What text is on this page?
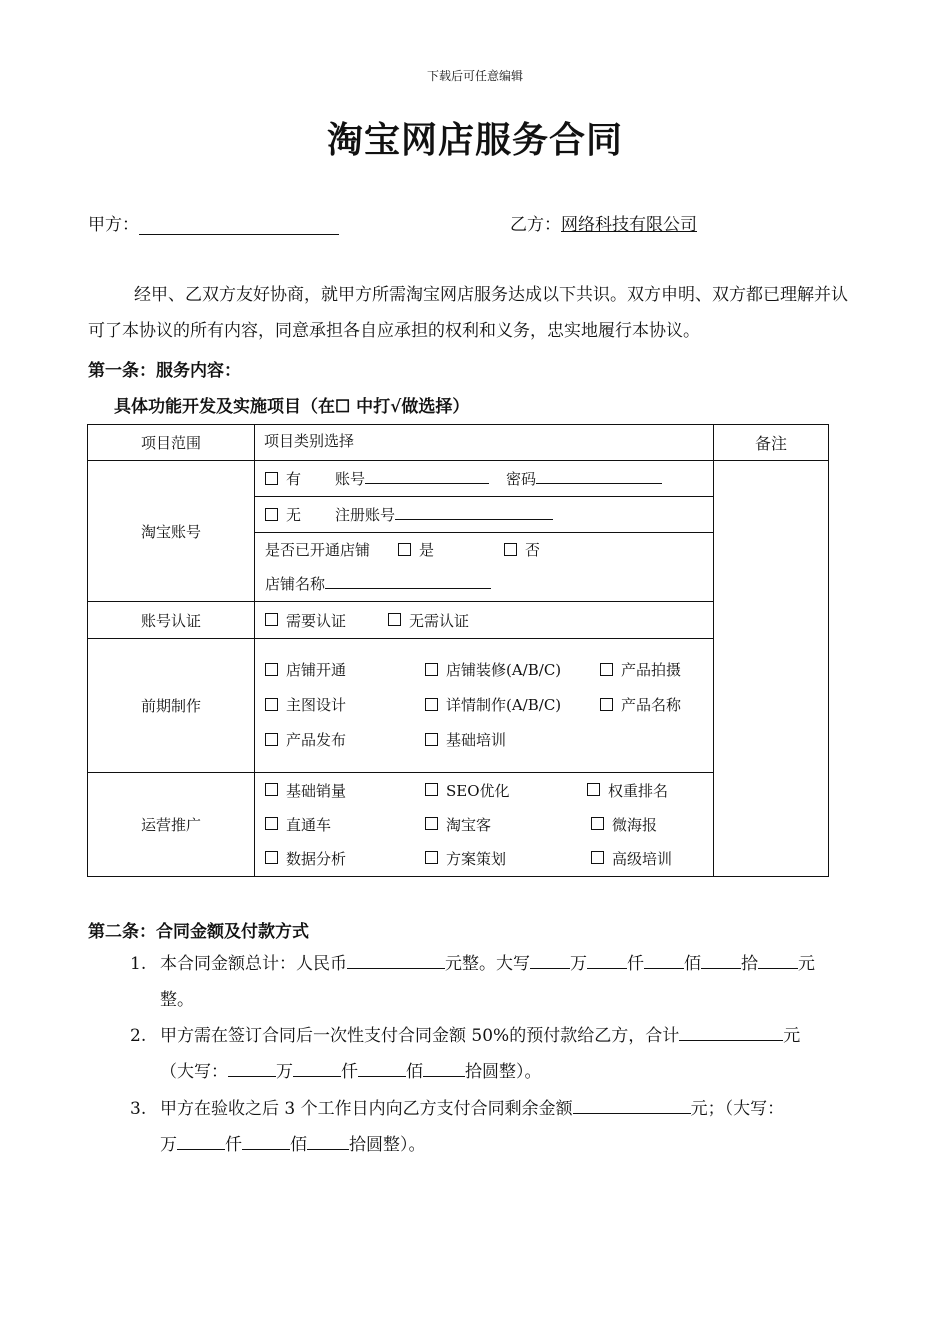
下载后可任意编辑
淘宝网店服务合同
甲方：	乙方：网络科技有限公司
经甲、乙双方友好协商，就甲方所需淘宝网店服务达成以下共识。双方申明、双方都已理解并认可了本协议的所有内容，同意承担各自应承担的权利和义务，忠实地履行本协议。
第一条：服务内容：
具体功能开发及实施项目（在☐ 中打√做选择）
项目范围	项目类别选择	备注
淘宝账号	有 账号 密码	
	无 注册账号	

	是否已开通店铺 是 否
店铺名称	

账号认证	需要认证 无需认证	
前期制作	店铺开通 店铺装修(A/B/C) 产品拍摄
主图设计 详情制作(A/B/C) 产品名称
产品发布 基础培训	

运营推广	基础销量 SEO优化 权重排名
直通车 淘宝客 微海报
数据分析 方案策划 高级培训	
第二条：合同金额及付款方式
1. 本合同金额总计：人民币	元整。大写 万 仟 佰 拾 元
整。
2. 甲方需在签订合同后一次性支付合同金额 50%的预付款给乙方，合计	元
（大写：	万	仟	佰 拾圆整）。
3. 甲方在验收之后 3 个工作日内向乙方支付合同剩余金额	元；（大写：
万	仟	佰 拾圆整）。
